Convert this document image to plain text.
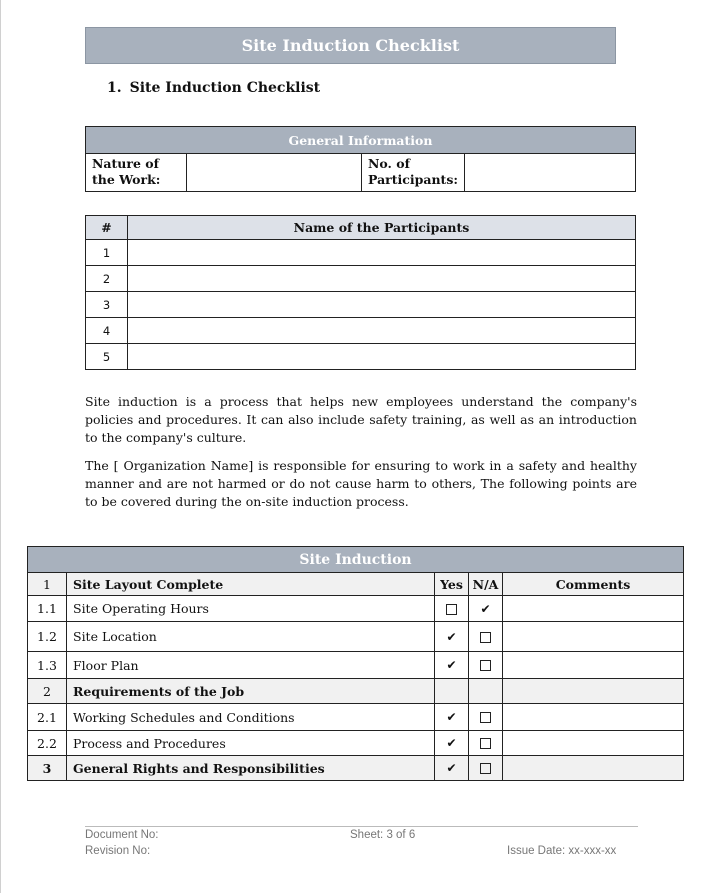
Site Induction Checklist
1. Site Induction Checklist
General Information
Nature of the Work:		No. of Participants:	
#	Name of the Participants
1	
2	
3	
4	
5	
Site induction is a process that helps new employees understand the company's policies and procedures. It can also include safety training, as well as an introduction to the company's culture.
The [ Organization Name] is responsible for ensuring to work in a safety and healthy manner and are not harmed or do not cause harm to others, The following points are to be covered during the on-site induction process.
Site Induction				
1	Site Layout Complete	Yes	N/A	Comments
1.1	Site Operating Hours		✔	
1.2	Site Location	✔		
1.3	Floor Plan	✔		
2	Requirements of the Job			
2.1	Working Schedules and Conditions	✔		
2.2	Process and Procedures	✔		
3	General Rights and Responsibilities	✔		
Document No:
Revision No:
Sheet: 3 of 6
Issue Date: xx-xxx-xx
